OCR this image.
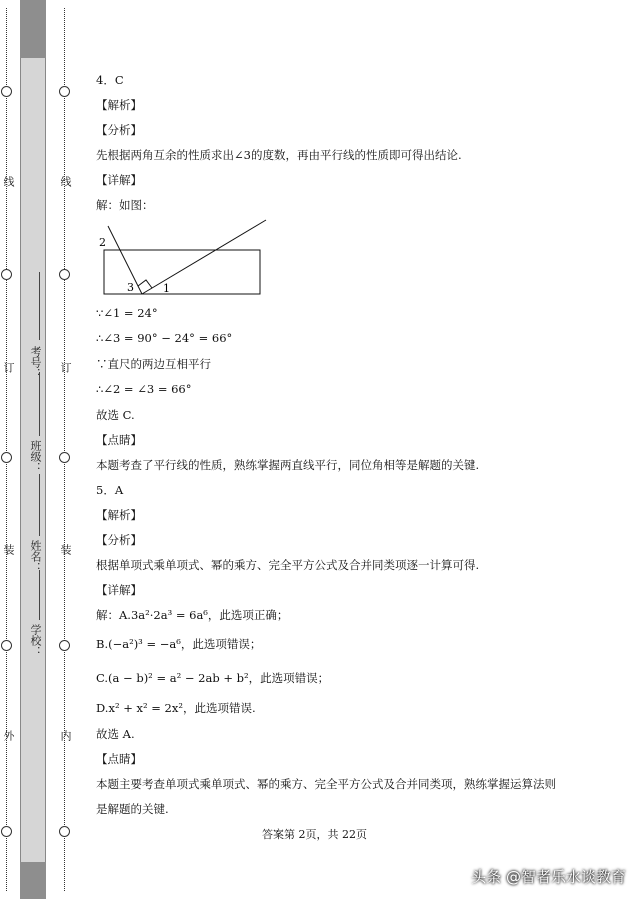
线
订
装
外
线
订
装
内
考号：
班级：
姓名：
学校：
4．C
【解析】
【分析】
先根据两角互余的性质求出∠3的度数，再由平行线的性质即可得出结论.
【详解】
解：如图：
2
3	1
∵∠1 = 24°
∴∠3 = 90° − 24° = 66°
∵直尺的两边互相平行
∴∠2 = ∠3 = 66°
故选 C.
【点睛】
本题考查了平行线的性质，熟练掌握两直线平行，同位角相等是解题的关键.
5．A
【解析】
【分析】
根据单项式乘单项式、幂的乘方、完全平方公式及合并同类项逐一计算可得.
【详解】
解：A.3a²·2a³ = 6a⁶，此选项正确；
B.(−a²)³ = −a⁶，此选项错误；
C.(a − b)² = a² − 2ab + b²，此选项错误；
D.x² + x² = 2x²，此选项错误.
故选 A.
【点睛】
本题主要考查单项式乘单项式、幂的乘方、完全平方公式及合并同类项，熟练掌握运算法则
是解题的关键.
答案第 2页，共 22页
头条 @智者乐水谈教育
